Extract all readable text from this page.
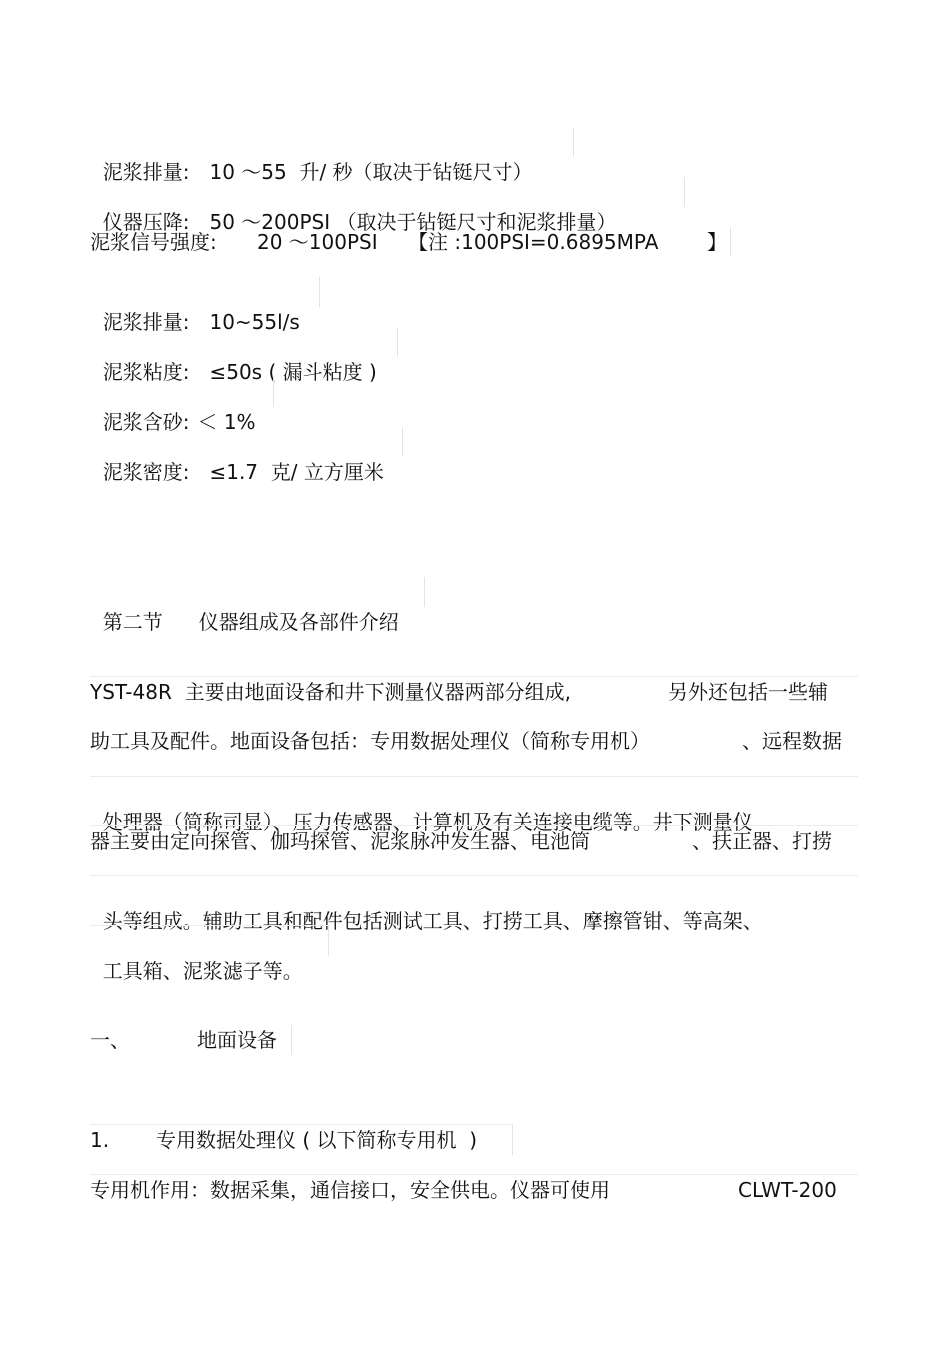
泥浆排量: 10 ～55  升/ 秒（取决于钻铤尺寸）

仪器压降: 50 ～200PSI （取决于钻铤尺寸和泥浆排量）

泥浆信号强度:

20 ～100PSI

【注 :100PSI=0.6895MPA

】

泥浆排量: 10~55l/s

泥浆粘度: ≤50s ( 漏斗粘度 )

泥浆含砂: ＜ 1%

泥浆密度: ≤1.7  克/ 立方厘米

第二节 仪器组成及各部件介绍

YST-48R  主要由地面设备和井下测量仪器两部分组成,

	另外还包括一些辅

助工具及配件。地面设备包括：专用数据处理仪（简称专用机）

	、远程数据

处理器（简称司显）、压力传感器、计算机及有关连接电缆等。井下测量仪

器主要由定向探管、伽玛探管、泥浆脉冲发生器、电池筒

	、扶正器、打捞

头等组成。辅助工具和配件包括测试工具、打捞工具、摩擦管钳、等高架、

工具箱、泥浆滤子等。

一、

	地面设备

1.

专用数据处理仪 ( 以下简称专用机  )

专用机作用：数据采集，通信接口，安全供电。仪器可使用

	CLWT-200
